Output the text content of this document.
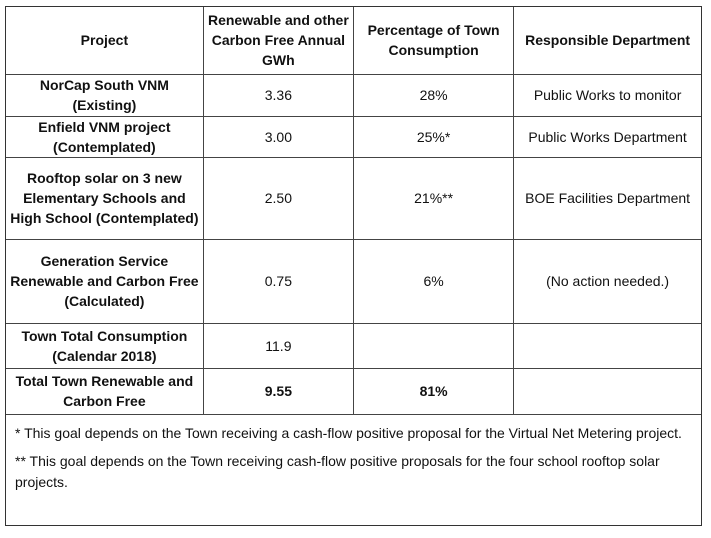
Project	Renewable and other Carbon Free Annual GWh	Percentage of Town Consumption	Responsible Department
NorCap South VNM (Existing)	3.36	28%	Public Works to monitor
Enfield VNM project (Contemplated)	3.00	25%*	Public Works Department
Rooftop solar on 3 new Elementary Schools and High School (Contemplated)	2.50	21%**	BOE Facilities Department
Generation Service Renewable and Carbon Free (Calculated)	0.75	6%	(No action needed.)
Town Total Consumption (Calendar 2018)	11.9		
Total Town Renewable and Carbon Free	9.55	81%	

* This goal depends on the Town receiving a cash-flow positive proposal for the Virtual Net Metering project.

** This goal depends on the Town receiving cash-flow positive proposals for the four school rooftop solar projects.
